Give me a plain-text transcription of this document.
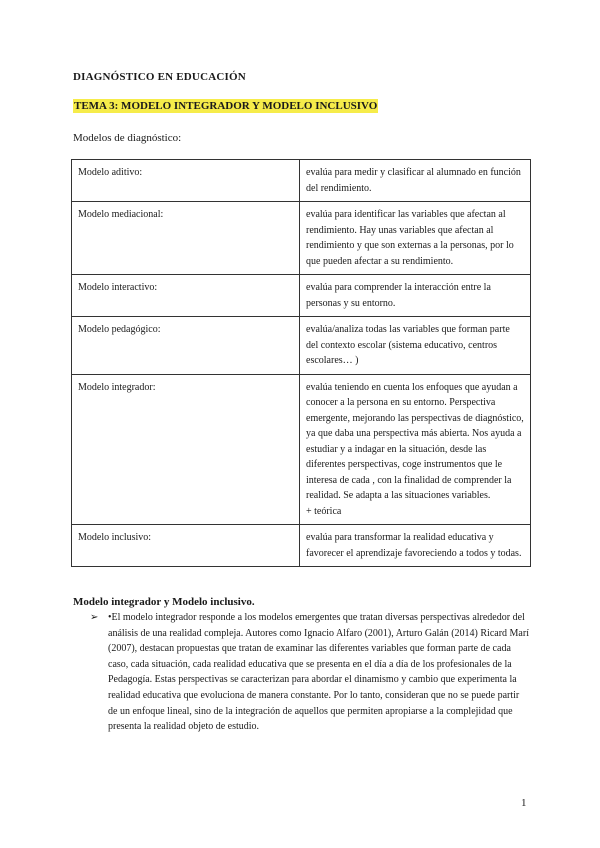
DIAGNÓSTICO EN EDUCACIÓN
TEMA 3: MODELO INTEGRADOR Y MODELO INCLUSIVO
Modelos de diagnóstico:
Modelo aditivo:	evalúa para medir y clasificar al alumnado en función del rendimiento.
Modelo mediacional:	evalúa para identificar las variables que afectan al rendimiento. Hay unas variables que afectan al rendimiento y que son externas a la personas, por lo que pueden afectar a su rendimiento.
Modelo interactivo:	evalúa para comprender la interacción entre la personas y su entorno.
Modelo pedagógico:	evalúa/analiza todas las variables que forman parte del contexto escolar (sistema educativo, centros escolares… )
Modelo integrador:	evalúa teniendo en cuenta los enfoques que ayudan a conocer a la persona en su entorno. Perspectiva emergente, mejorando las perspectivas de diagnóstico, ya que daba una perspectiva más abierta. Nos ayuda a estudiar y a indagar en la situación, desde las diferentes perspectivas, coge instrumentos que le interesa de cada , con la finalidad de comprender la realidad. Se adapta a las situaciones variables.
+ teórica

Modelo inclusivo:	evalúa para transformar la realidad educativa y favorecer el aprendizaje favoreciendo a todos y todas.
Modelo integrador y Modelo inclusivo.
➢ •El modelo integrador responde a los modelos emergentes que tratan diversas perspectivas alrededor del análisis de una realidad compleja. Autores como Ignacio Alfaro (2001), Arturo Galán (2014) Ricard Marí (2007), destacan propuestas que tratan de examinar las diferentes variables que forman parte de cada caso, cada situación, cada realidad educativa que se presenta en el día a día de los profesionales de la Pedagogía. Estas perspectivas se caracterizan para abordar el dinamismo y cambio que experimenta la realidad educativa que evoluciona de manera constante. Por lo tanto, consideran que no se puede partir de un enfoque lineal, sino de la integración de aquellos que permiten apropiarse a la complejidad que presenta la realidad objeto de estudio.
1
